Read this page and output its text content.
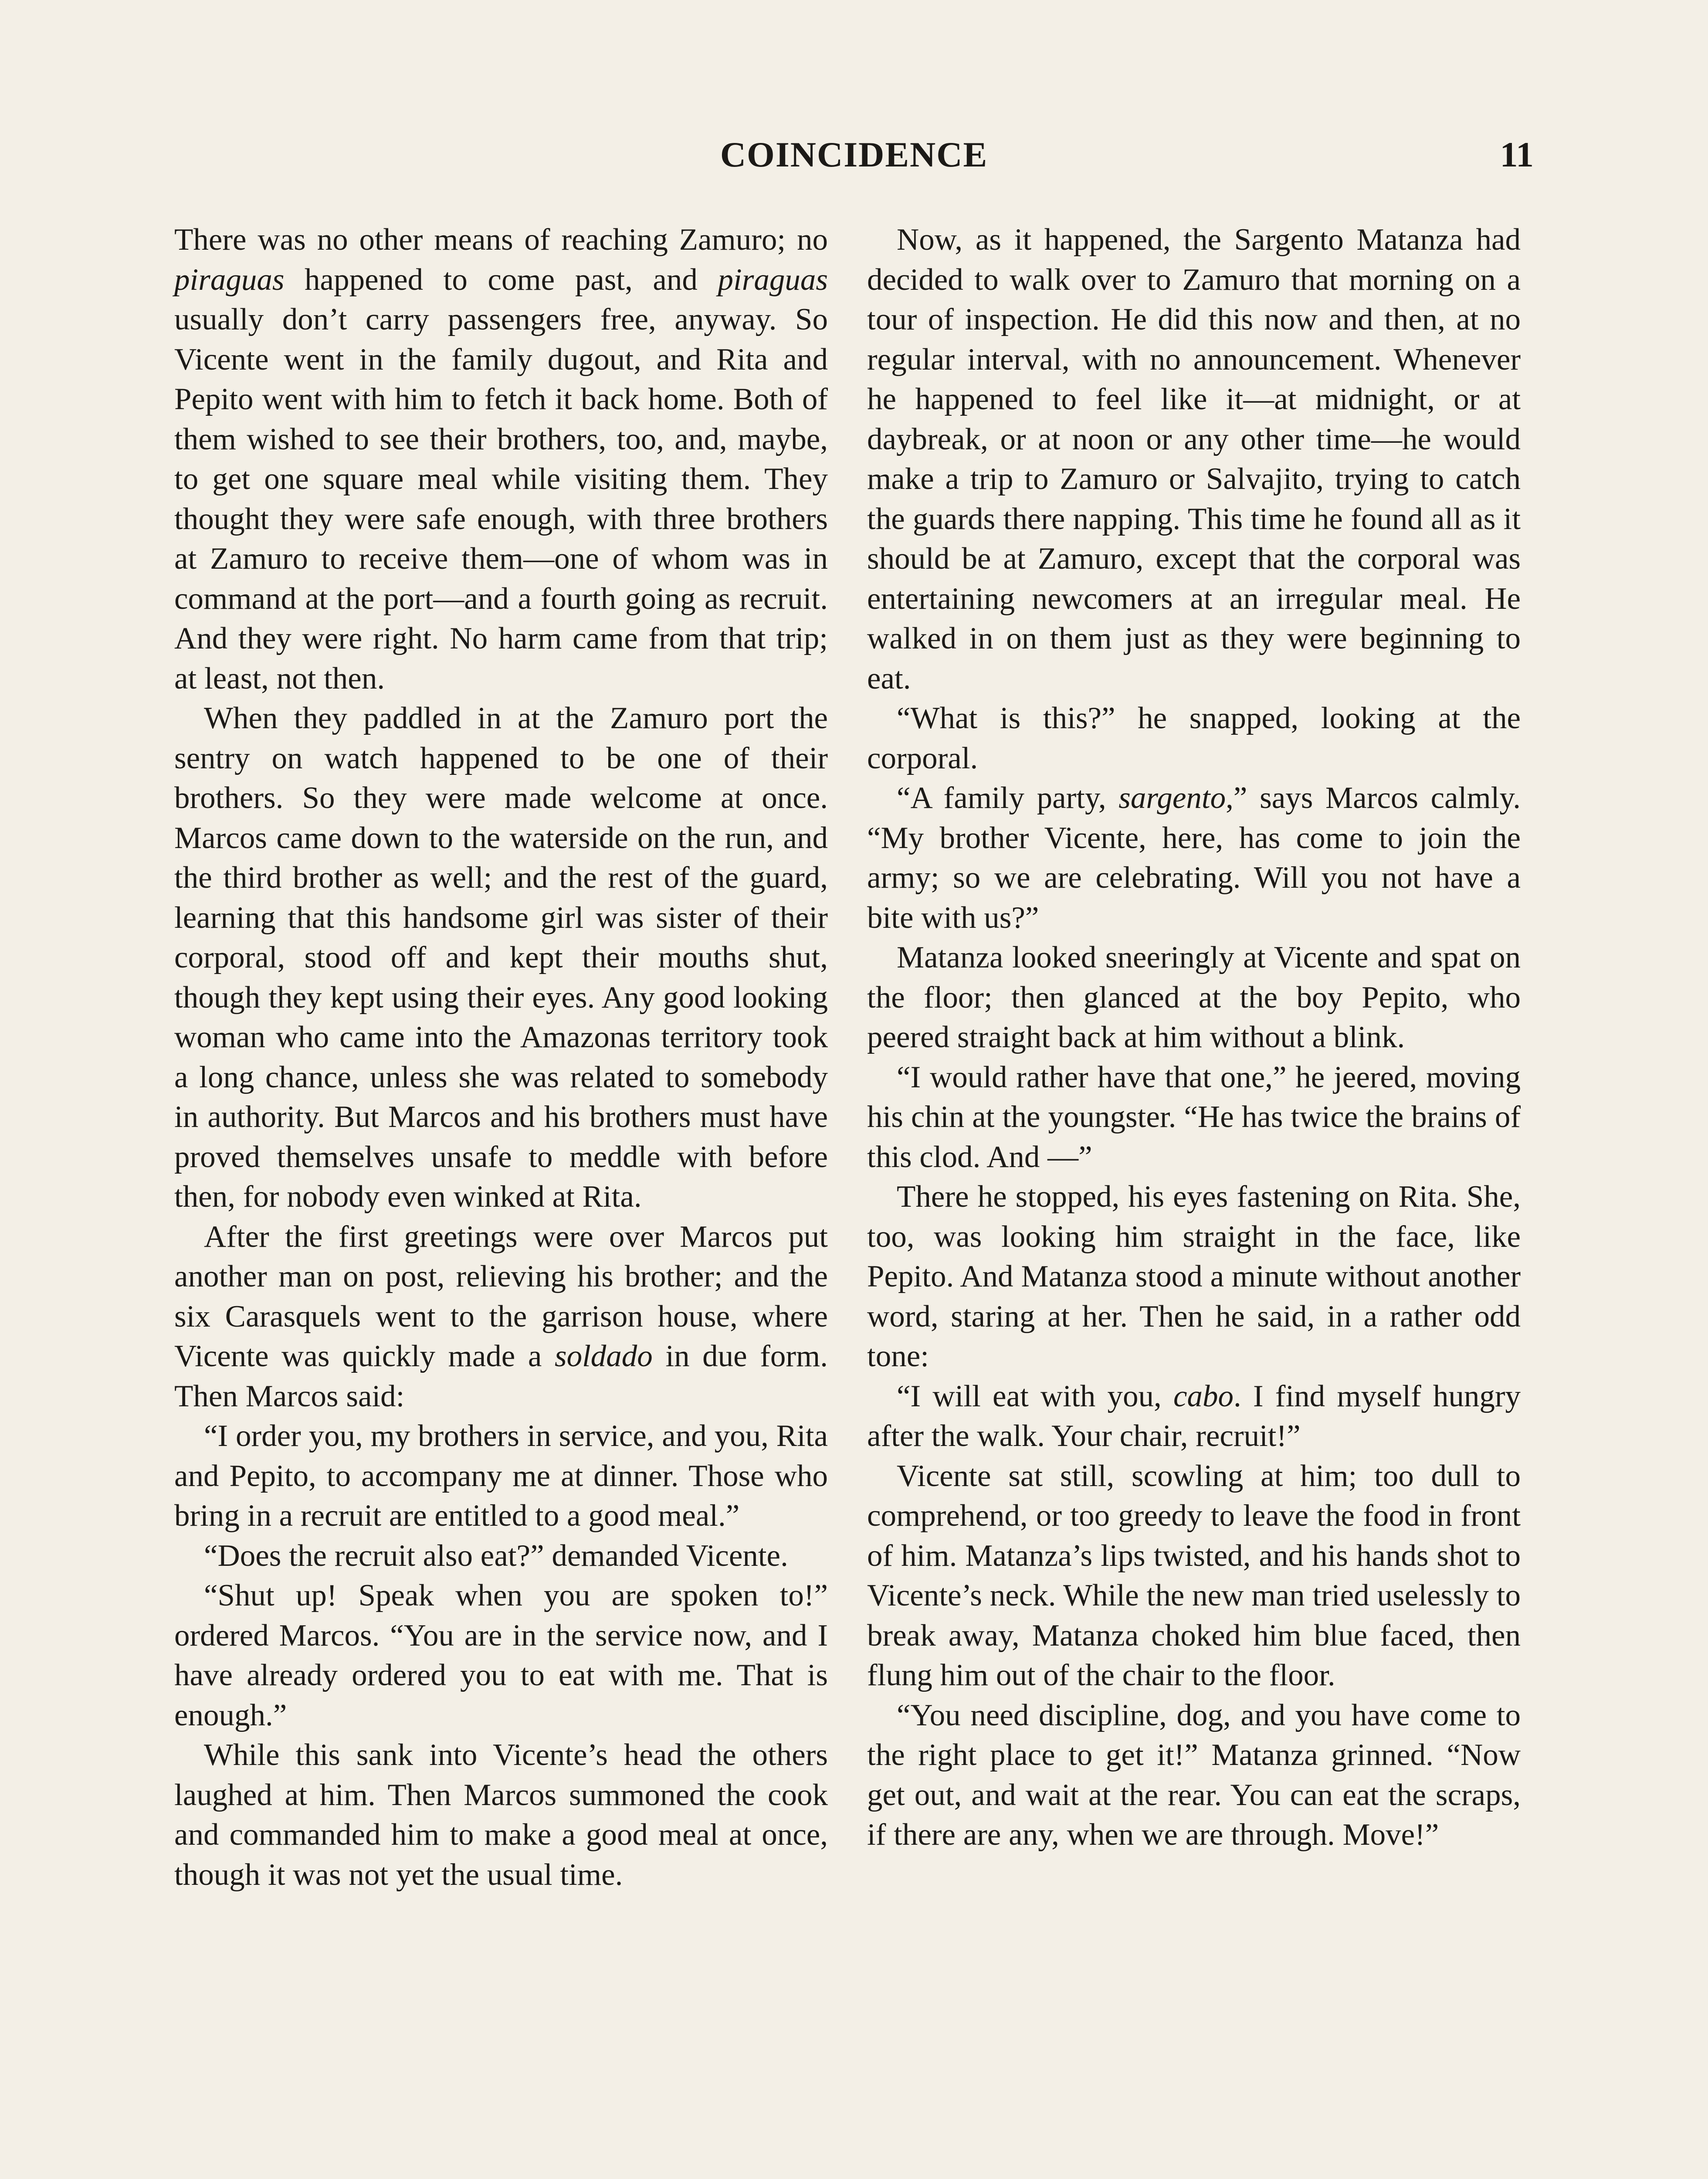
COINCIDENCE	11

There was no other means of reaching Zamuro; no piraguas happened to come past, and piraguas usually don’t carry passengers free, anyway. So Vicente went in the family dugout, and Rita and Pepito went with him to fetch it back home. Both of them wished to see their brothers, too, and, maybe, to get one square meal while visiting them. They thought they were safe enough, with three brothers at Zamuro to receive them—one of whom was in command at the port—and a fourth going as recruit. And they were right. No harm came from that trip; at least, not then.

When they paddled in at the Zamuro port the sentry on watch happened to be one of their brothers. So they were made welcome at once. Marcos came down to the waterside on the run, and the third brother as well; and the rest of the guard, learning that this handsome girl was sister of their corporal, stood off and kept their mouths shut, though they kept using their eyes. Any good looking woman who came into the Amazonas territory took a long chance, unless she was related to somebody in authority. But Marcos and his brothers must have proved themselves unsafe to meddle with before then, for nobody even winked at Rita.

After the first greetings were over Marcos put another man on post, relieving his brother; and the six Carasquels went to the garrison house, where Vicente was quickly made a soldado in due form. Then Marcos said:

“I order you, my brothers in service, and you, Rita and Pepito, to accompany me at dinner. Those who bring in a recruit are entitled to a good meal.”

“Does the recruit also eat?” demanded Vicente.

“Shut up! Speak when you are spoken to!” ordered Marcos. “You are in the service now, and I have already ordered you to eat with me. That is enough.”

While this sank into Vicente’s head the others laughed at him. Then Marcos summoned the cook and commanded him to make a good meal at once, though it was not yet the usual time.

Now, as it happened, the Sargento Matanza had decided to walk over to Zamuro that morning on a tour of inspection. He did this now and then, at no regular interval, with no announcement. Whenever he happened to feel like it—at midnight, or at daybreak, or at noon or any other time—he would make a trip to Zamuro or Salvajito, trying to catch the guards there napping. This time he found all as it should be at Zamuro, except that the corporal was entertaining newcomers at an irregular meal. He walked in on them just as they were beginning to eat.

“What is this?” he snapped, looking at the corporal.

“A family party, sargento,” says Marcos calmly. “My brother Vicente, here, has come to join the army; so we are celebrating. Will you not have a bite with us?”

Matanza looked sneeringly at Vicente and spat on the floor; then glanced at the boy Pepito, who peered straight back at him without a blink.

“I would rather have that one,” he jeered, moving his chin at the youngster. “He has twice the brains of this clod. And —”

There he stopped, his eyes fastening on Rita. She, too, was looking him straight in the face, like Pepito. And Matanza stood a minute without another word, staring at her. Then he said, in a rather odd tone:

“I will eat with you, cabo. I find myself hungry after the walk. Your chair, recruit!”

Vicente sat still, scowling at him; too dull to comprehend, or too greedy to leave the food in front of him. Matanza’s lips twisted, and his hands shot to Vicente’s neck. While the new man tried uselessly to break away, Matanza choked him blue faced, then flung him out of the chair to the floor.

“You need discipline, dog, and you have come to the right place to get it!” Matanza grinned. “Now get out, and wait at the rear. You can eat the scraps, if there are any, when we are through. Move!”
